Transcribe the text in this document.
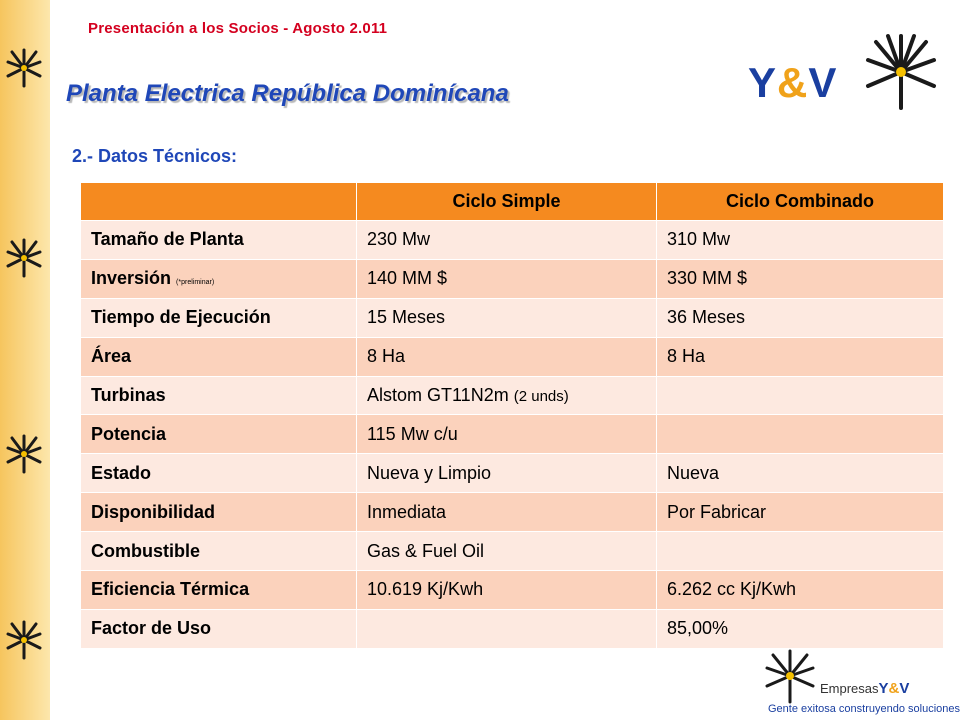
Presentación a los Socios - Agosto 2.011
Planta Electrica República Dominícana
2.- Datos Técnicos:
Y&V
	Ciclo Simple	Ciclo Combinado
Tamaño de Planta	230 Mw	310 Mw
Inversión (*preliminar)	140 MM $	330 MM $
Tiempo de Ejecución	15 Meses	36 Meses
Área	8 Ha	8 Ha
Turbinas	Alstom GT11N2m (2 unds)	
Potencia	115 Mw c/u	
Estado	Nueva y Limpio	Nueva
Disponibilidad	Inmediata	Por Fabricar
Combustible	Gas & Fuel Oil	
Eficiencia Térmica	10.619 Kj/Kwh	6.262 cc Kj/Kwh
Factor de Uso		85,00%
EmpresasY&V
Gente exitosa construyendo soluciones
